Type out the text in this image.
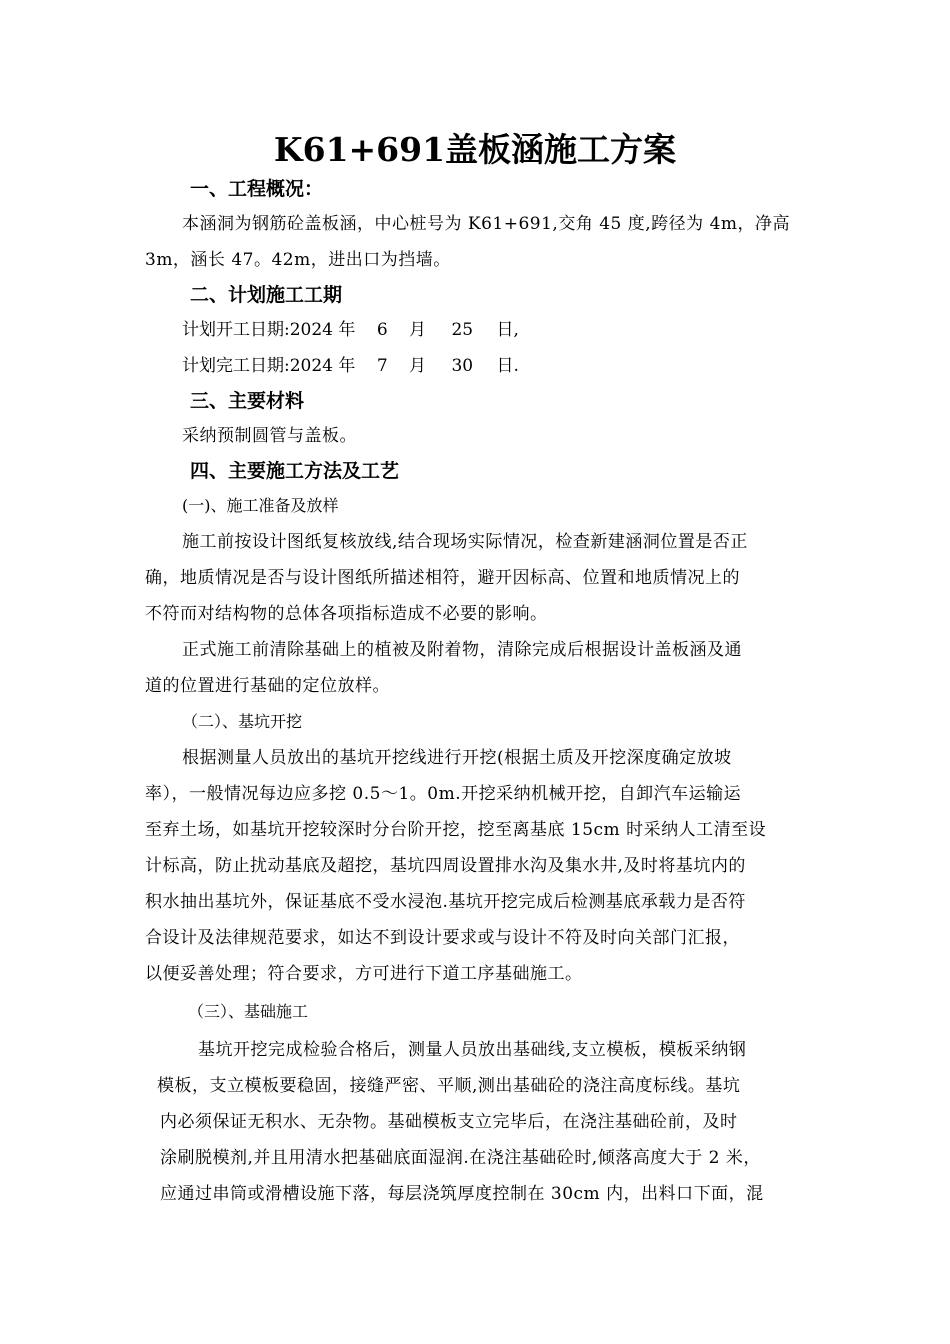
K61+691盖板涵施工方案
一、工程概况：
本涵洞为钢筋砼盖板涵，中心桩号为 K61+691,交角 45 度,跨径为 4m，净高
3m，涵长 47。42m，进出口为挡墙。
二、计划施工工期
计划开工日期:2024 年 6 月 25 日,
计划完工日期:2024 年 7 月 30 日.
三、主要材料
采纳预制圆管与盖板。
四、主要施工方法及工艺
(一)、施工准备及放样
施工前按设计图纸复核放线,结合现场实际情况，检查新建涵洞位置是否正
确，地质情况是否与设计图纸所描述相符，避开因标高、位置和地质情况上的
不符而对结构物的总体各项指标造成不必要的影响。
正式施工前清除基础上的植被及附着物，清除完成后根据设计盖板涵及通
道的位置进行基础的定位放样。
（二）、基坑开挖
根据测量人员放出的基坑开挖线进行开挖(根据土质及开挖深度确定放坡
率），一般情况每边应多挖 0.5～1。0m.开挖采纳机械开挖，自卸汽车运输运
至弃土场，如基坑开挖较深时分台阶开挖，挖至离基底 15cm 时采纳人工清至设
计标高，防止扰动基底及超挖，基坑四周设置排水沟及集水井,及时将基坑内的
积水抽出基坑外，保证基底不受水浸泡.基坑开挖完成后检测基底承载力是否符
合设计及法律规范要求，如达不到设计要求或与设计不符及时向关部门汇报，
以便妥善处理；符合要求，方可进行下道工序基础施工。
（三）、基础施工
基坑开挖完成检验合格后，测量人员放出基础线,支立模板，模板采纳钢
模板，支立模板要稳固，接缝严密、平顺,测出基础砼的浇注高度标线。基坑
内必须保证无积水、无杂物。基础模板支立完毕后，在浇注基础砼前，及时
涂刷脱模剂,并且用清水把基础底面湿润.在浇注基础砼时,倾落高度大于 2 米，
应通过串筒或滑槽设施下落，每层浇筑厚度控制在 30cm 内，出料口下面，混
